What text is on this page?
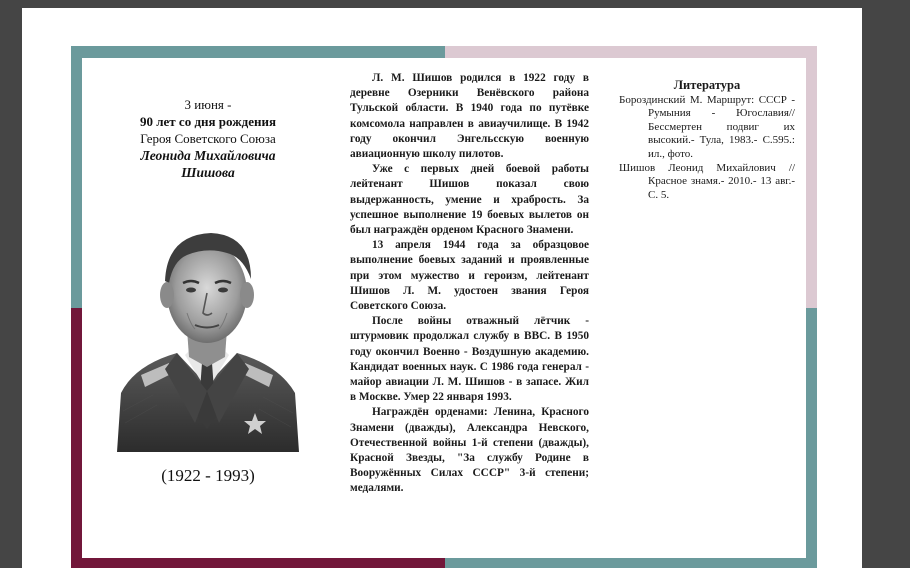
3 июня -
90 лет со дня рождения
Героя Советского Союза
Леонида Михайловича
Шишова
(1922 - 1993)

Л. М. Шишов родился в 1922 году в деревне Озерники Венёвского района Тульской области. В 1940 года по путёвке комсомола направлен в авиаучилище. В 1942 году окончил Энгельсскую военную авиационную школу пилотов.

Уже с первых дней боевой работы лейтенант Шишов показал свою выдержанность, умение и храбрость. За успешное выполнение 19 боевых вылетов он был награждён орденом Красного Знамени.

13 апреля 1944 года за образцовое выполнение боевых заданий и проявленные при этом мужество и героизм, лейтенант Шишов Л. М. удостоен звания Героя Советского Союза.

После войны отважный лётчик - штурмовик продолжал службу в ВВС. В 1950 году окончил Военно - Воздушную академию. Кандидат военных наук. С 1986 года генерал - майор авиации Л. М. Шишов - в запасе. Жил в Москве. Умер 22 января 1993.

Награждён орденами: Ленина, Красного Знамени (дважды), Александра Невского, Отечественной войны 1-й степени (дважды), Красной Звезды, "За службу Родине в Вооружённых Силах СССР" 3-й степени; медалями.

Литература

Бороздинский М. Маршрут: СССР - Румыния - Югославия// Бессмертен подвиг их высокий.- Тула, 1983.- С.595.: ил., фото.

Шишов Леонид Михайлович // Красное знамя.- 2010.- 13 авг.- С. 5.
